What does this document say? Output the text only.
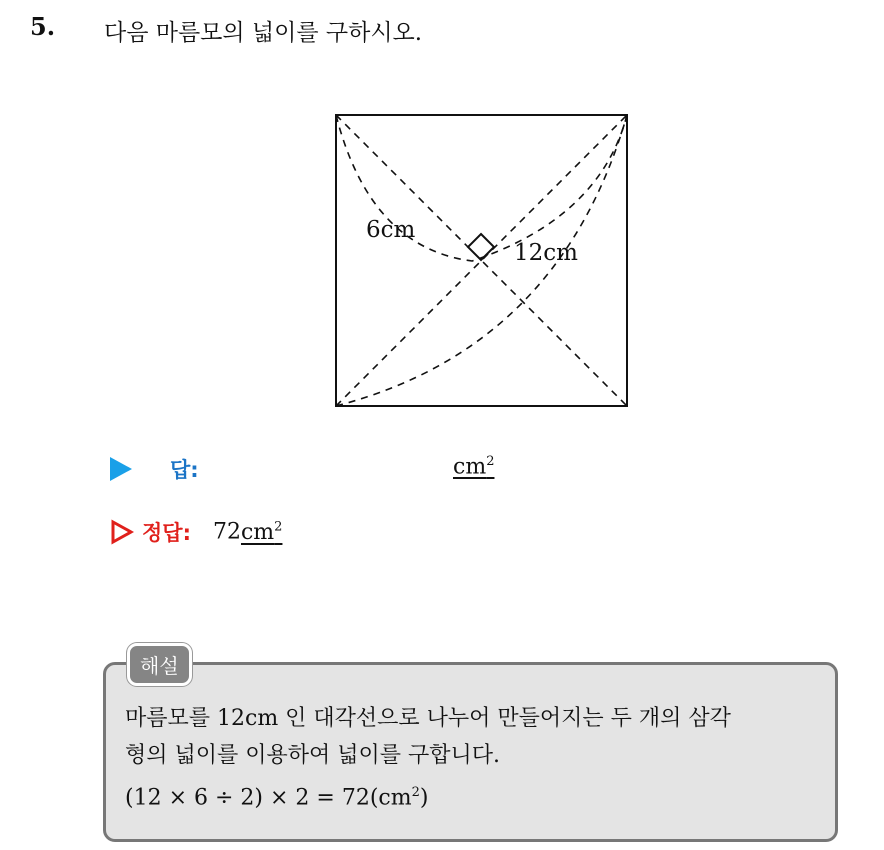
5. 다음 마름모의 넓이를 구하시오.
6cm
12cm
답:	$cm^2$
정답: $72cm^2$
해설
마름모를 12cm 인 대각선으로 나누어 만들어지는 두 개의 삼각
형의 넓이를 이용하여 넓이를 구합니다.
$(12 \times 6 \div 2) \times 2 = 72(cm^2)$
